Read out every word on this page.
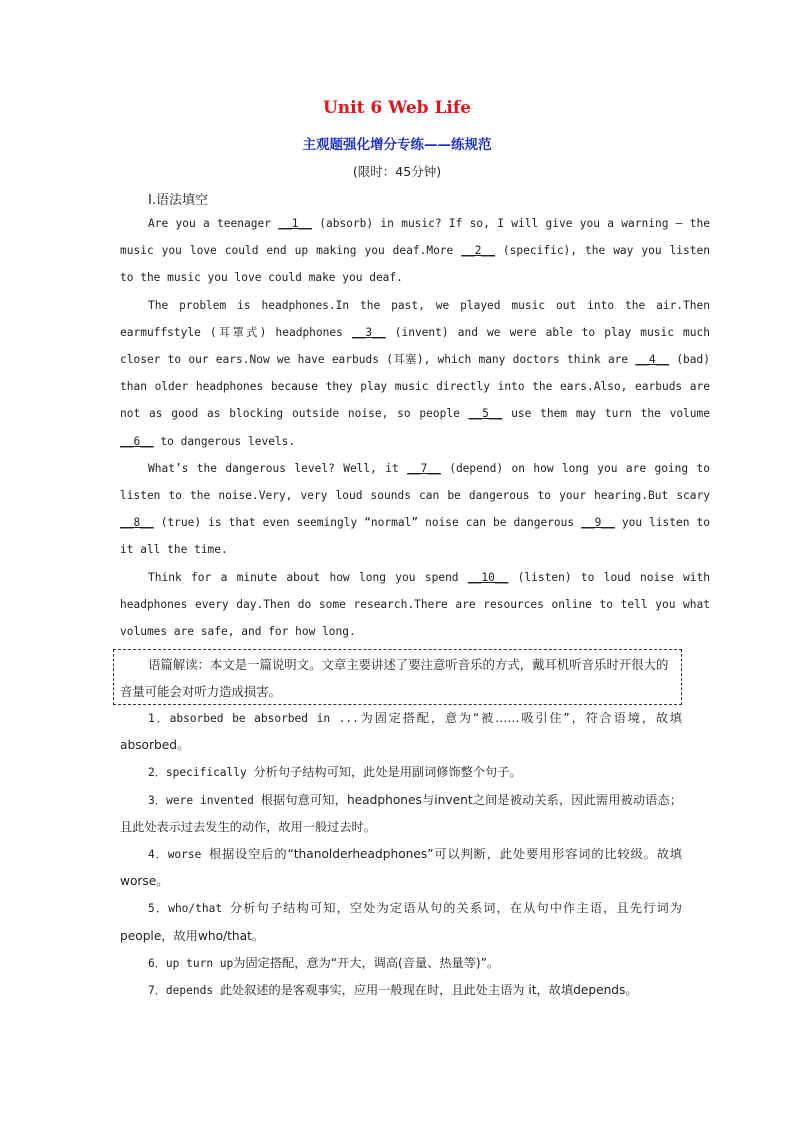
Unit 6 Web Life
主观题强化增分专练——练规范
(限时：45分钟)
Ⅰ.语法填空

Are you a teenager __1__ (absorb) in music? If so, I will give you a warning — the music you love could end up making you deaf.More __2__ (specific), the way you listen to the music you love could make you deaf.

The problem is headphones.In the past, we played music out into the air.Then earmuffstyle (耳罩式) headphones __3__ (invent) and we were able to play music much closer to our ears.Now we have earbuds (耳塞), which many doctors think are __4__ (bad) than older headphones because they play music directly into the ears.Also, earbuds are not as good as blocking outside noise, so people __5__ use them may turn the volume __6__ to dangerous levels.

What’s the dangerous level? Well, it __7__ (depend) on how long you are going to listen to the noise.Very, very loud sounds can be dangerous to your hearing.But scary __8__ (true) is that even seemingly “normal” noise can be dangerous __9__ you listen to it all the time.

Think for a minute about how long you spend __10__ (listen) to loud noise with headphones every day.Then do some research.There are resources online to tell you what volumes are safe, and for how long.

语篇解读：本文是一篇说明文。文章主要讲述了要注意听音乐的方式，戴耳机听音乐时开很大的音量可能会对听力造成损害。

1．absorbed be absorbed in ...为固定搭配，意为“被……吸引住”，符合语境，故填absorbed。

2．specifically 分析句子结构可知，此处是用副词修饰整个句子。

3．were invented 根据句意可知，headphones与invent之间是被动关系，因此需用被动语态；且此处表示过去发生的动作，故用一般过去时。

4．worse 根据设空后的“thanolderheadphones”可以判断，此处要用形容词的比较级。故填worse。

5．who/that 分析句子结构可知，空处为定语从句的关系词，在从句中作主语，且先行词为people，故用who/that。

6．up turn up为固定搭配，意为“开大，调高(音量、热量等)”。

7．depends 此处叙述的是客观事实，应用一般现在时，且此处主语为 it，故填depends。
